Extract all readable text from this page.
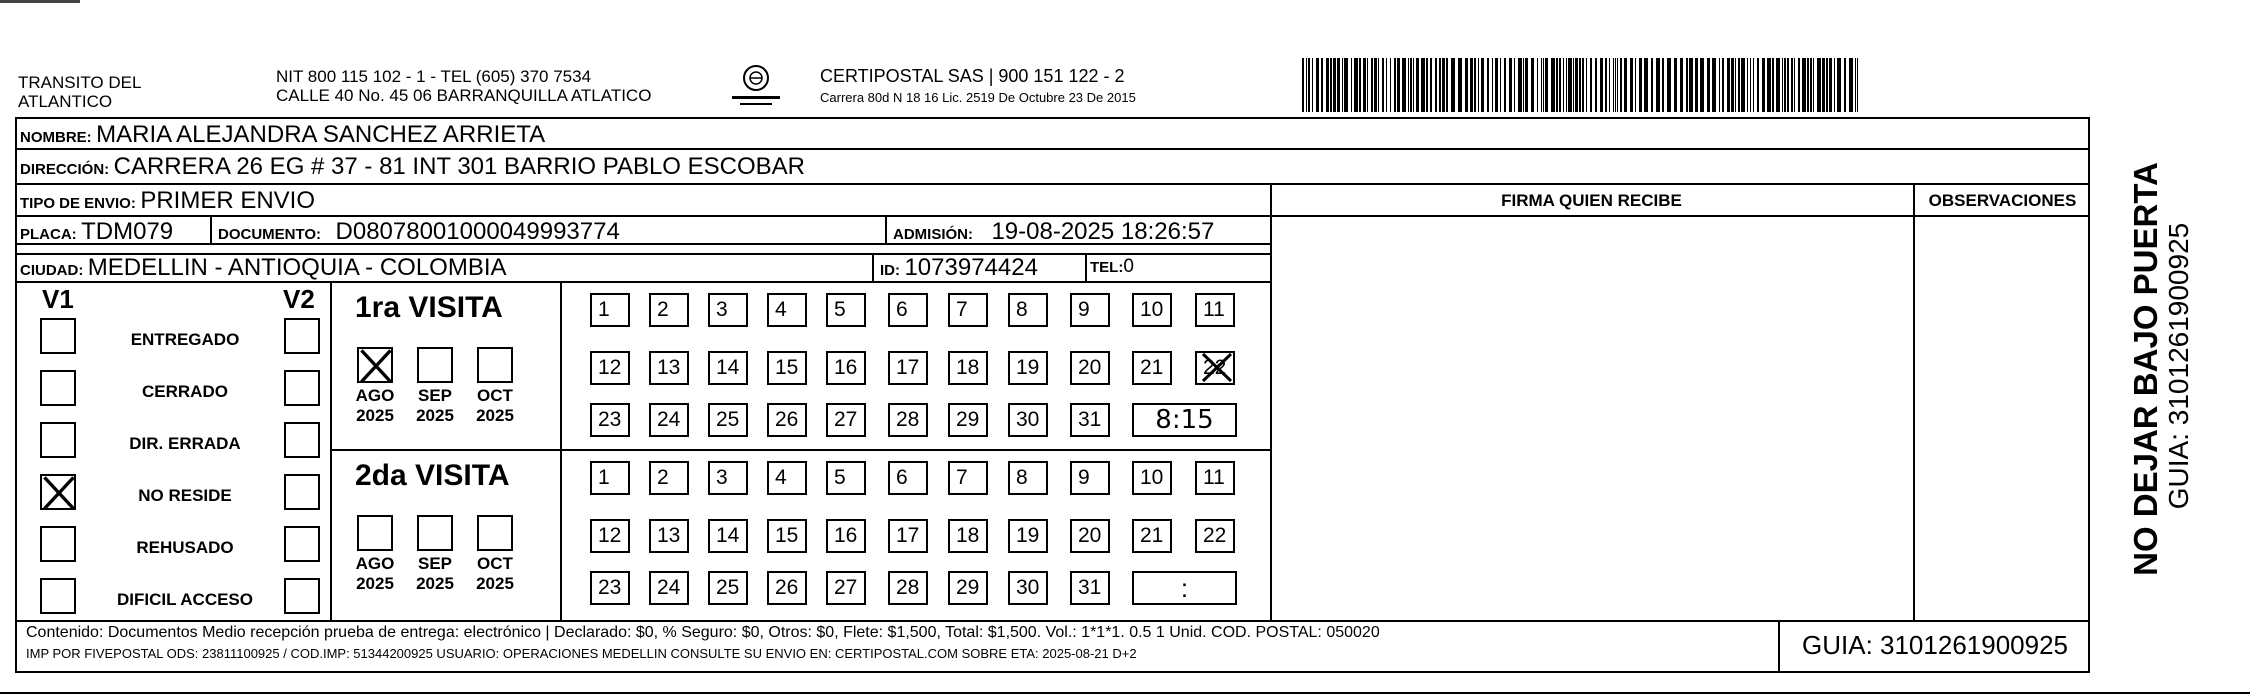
TRANSITO DEL
ATLANTICO
NIT 800 115 102 - 1 - TEL (605) 370 7534
CALLE 40 No. 45 06 BARRANQUILLA ATLATICO
CERTIPOSTAL SAS | 900 151 122 - 2
Carrera 80d N 18 16 Lic. 2519 De Octubre 23 De 2015
NOMBRE: MARIA ALEJANDRA SANCHEZ ARRIETA
DIRECCIÓN: CARRERA 26 EG # 37 - 81 INT 301 BARRIO PABLO ESCOBAR
TIPO DE ENVIO: PRIMER ENVIO
PLACA: TDM079	DOCUMENTO: D08078001000049993774	ADMISIÓN: 19-08-2025 18:26:57
CIUDAD: MEDELLIN - ANTIOQUIA - COLOMBIA	ID: 1073974424	TEL:0
FIRMA QUIEN RECIBE	OBSERVACIONES
V1	V2
ENTREGADO
CERRADO
DIR. ERRADA
NO RESIDE
REHUSADO
DIFICIL ACCESO
1ra VISITA
AGO
2025
SEP
2025
OCT
2025
1	2	3	4	5	6	7	8	9	10	11
12	13	14	15	16	17	18	19	20	21	22
23	24	25	26	27	28	29	30	31	8:15
2da VISITA
AGO
2025
SEP
2025
OCT
2025
1	2	3	4	5	6	7	8	9	10	11
12	13	14	15	16	17	18	19	20	21	22
23	24	25	26	27	28	29	30	31	:
Contenido: Documentos Medio recepción prueba de entrega: electrónico | Declarado: $0, % Seguro: $0, Otros: $0, Flete: $1,500, Total: $1,500. Vol.: 1*1*1. 0.5 1 Unid. COD. POSTAL: 050020
IMP POR FIVEPOSTAL ODS: 23811100925 / COD.IMP: 51344200925 USUARIO: OPERACIONES MEDELLIN CONSULTE SU ENVIO EN: CERTIPOSTAL.COM SOBRE ETA: 2025-08-21 D+2	GUIA: 3101261900925
NO DEJAR BAJO PUERTA GUIA: 3101261900925
